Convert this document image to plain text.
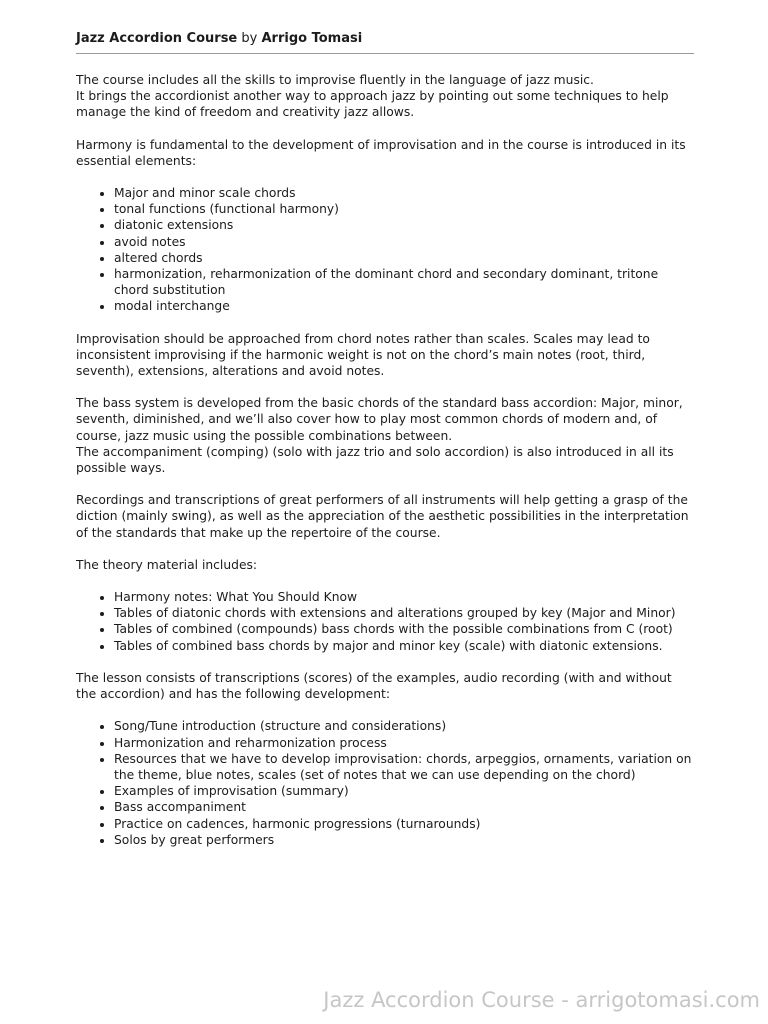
Jazz Accordion Course by Arrigo Tomasi

The course includes all the skills to improvise fluently in the language of jazz music.
It brings the accordionist another way to approach jazz by pointing out some techniques to help manage the kind of freedom and creativity jazz allows.

Harmony is fundamental to the development of improvisation and in the course is introduced in its essential elements:

• Major and minor scale chords
• tonal functions (functional harmony)
• diatonic extensions
• avoid notes
• altered chords
• harmonization, reharmonization of the dominant chord and secondary dominant, tritone chord substitution
• modal interchange

Improvisation should be approached from chord notes rather than scales. Scales may lead to inconsistent improvising if the harmonic weight is not on the chord’s main notes (root, third, seventh), extensions, alterations and avoid notes.

The bass system is developed from the basic chords of the standard bass accordion: Major, minor, seventh, diminished, and we’ll also cover how to play most common chords of modern and, of course, jazz music using the possible combinations between.
The accompaniment (comping) (solo with jazz trio and solo accordion) is also introduced in all its possible ways.

Recordings and transcriptions of great performers of all instruments will help getting a grasp of the diction (mainly swing), as well as the appreciation of the aesthetic possibilities in the interpretation of the standards that make up the repertoire of the course.

The theory material includes:

• Harmony notes: What You Should Know
• Tables of diatonic chords with extensions and alterations grouped by key (Major and Minor)
• Tables of combined (compounds) bass chords with the possible combinations from C (root)
• Tables of combined bass chords by major and minor key (scale) with diatonic extensions.

The lesson consists of transcriptions (scores) of the examples, audio recording (with and without the accordion) and has the following development:

• Song/Tune introduction (structure and considerations)
• Harmonization and reharmonization process
• Resources that we have to develop improvisation: chords, arpeggios, ornaments, variation on the theme, blue notes, scales (set of notes that we can use depending on the chord)
• Examples of improvisation (summary)
• Bass accompaniment
• Practice on cadences, harmonic progressions (turnarounds)
• Solos by great performers
Jazz Accordion Course - arrigotomasi.com
